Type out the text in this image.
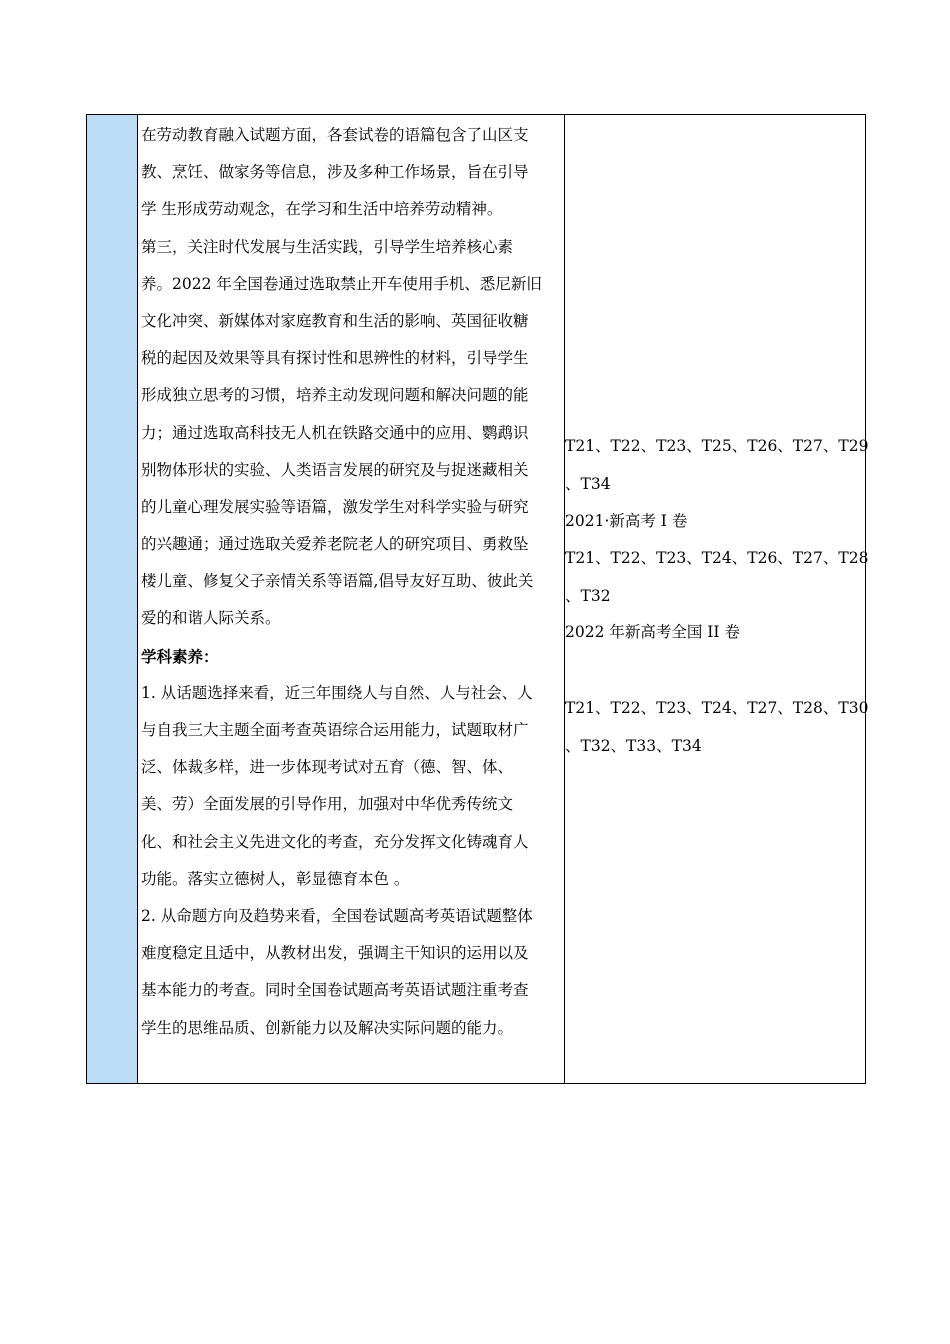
在劳动教育融入试题方面，各套试卷的语篇包含了山区支
教、烹饪、做家务等信息，涉及多种工作场景，旨在引导
学 生形成劳动观念，在学习和生活中培养劳动精神。
第三，关注时代发展与生活实践，引导学生培养核心素
养。2022 年全国卷通过选取禁止开车使用手机、悉尼新旧
文化冲突、新媒体对家庭教育和生活的影响、英国征收糖
税的起因及效果等具有探讨性和思辨性的材料，引导学生
形成独立思考的习惯，培养主动发现问题和解决问题的能
力；通过选取高科技无人机在铁路交通中的应用、鹦鹉识
别物体形状的实验、人类语言发展的研究及与捉迷藏相关
的儿童心理发展实验等语篇，激发学生对科学实验与研究
的兴趣通；通过选取关爱养老院老人的研究项目、勇救坠
楼儿童、修复父子亲情关系等语篇,倡导友好互助、彼此关
爱的和谐人际关系。
学科素养：
1. 从话题选择来看，近三年围绕人与自然、人与社会、人
与自我三大主题全面考查英语综合运用能力，试题取材广
泛、体裁多样，进一步体现考试对五育（德、智、体、
美、劳）全面发展的引导作用，加强对中华优秀传统文
化、和社会主义先进文化的考查，充分发挥文化铸魂育人
功能。落实立德树人，彰显德育本色 。
2. 从命题方向及趋势来看，全国卷试题高考英语试题整体
难度稳定且适中，从教材出发，强调主干知识的运用以及
基本能力的考查。同时全国卷试题高考英语试题注重考查
学生的思维品质、创新能力以及解决实际问题的能力。
T21、T22、T23、T25、T26、T27、T29
、T34
2021·新高考 I 卷
T21、T22、T23、T24、T26、T27、T28
、T32
2022 年新高考全国 II 卷
T21、T22、T23、T24、T27、T28、T30
、T32、T33、T34
